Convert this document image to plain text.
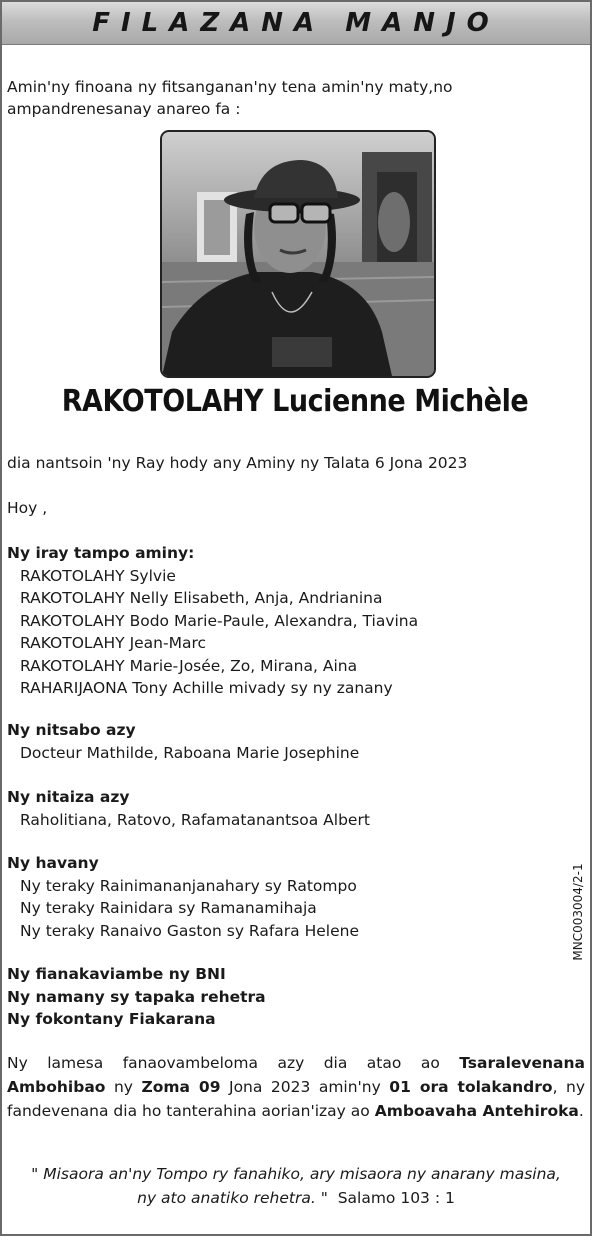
FILAZANA MANJO
Amin'ny finoana ny fitsanganan'ny tena amin'ny maty,no ampandrenesanay anareo fa :
RAKOTOLAHY Lucienne Michèle
dia nantsoin 'ny Ray hody any Aminy ny Talata 6 Jona 2023
Hoy ,
Ny iray tampo aminy:
RAKOTOLAHY Sylvie
RAKOTOLAHY Nelly Elisabeth, Anja, Andrianina
RAKOTOLAHY Bodo Marie-Paule, Alexandra, Tiavina
RAKOTOLAHY Jean-Marc
RAKOTOLAHY Marie-Josée, Zo, Mirana, Aina
RAHARIJAONA Tony Achille mivady sy ny zanany
Ny nitsabo azy
Docteur Mathilde, Raboana Marie Josephine
Ny nitaiza azy
Raholitiana, Ratovo, Rafamatanantsoa Albert
Ny havany
Ny teraky Rainimananjanahary sy Ratompo
Ny teraky Rainidara sy Ramanamihaja
Ny teraky Ranaivo Gaston sy Rafara Helene
Ny fianakaviambe ny BNI
Ny namany sy tapaka rehetra
Ny fokontany Fiakarana
Ny lamesa fanaovambeloma azy dia atao ao Tsaralevenana Ambohibao ny Zoma 09 Jona 2023 amin'ny 01 ora tolakandro, ny fandevenana dia ho tanterahina aorian'izay ao Amboavaha Antehiroka.
" Misaora an'ny Tompo ry fanahiko, ary misaora ny anarany masina,
ny ato anatiko rehetra. " Salamo 103 : 1
MNC003004/2-1
